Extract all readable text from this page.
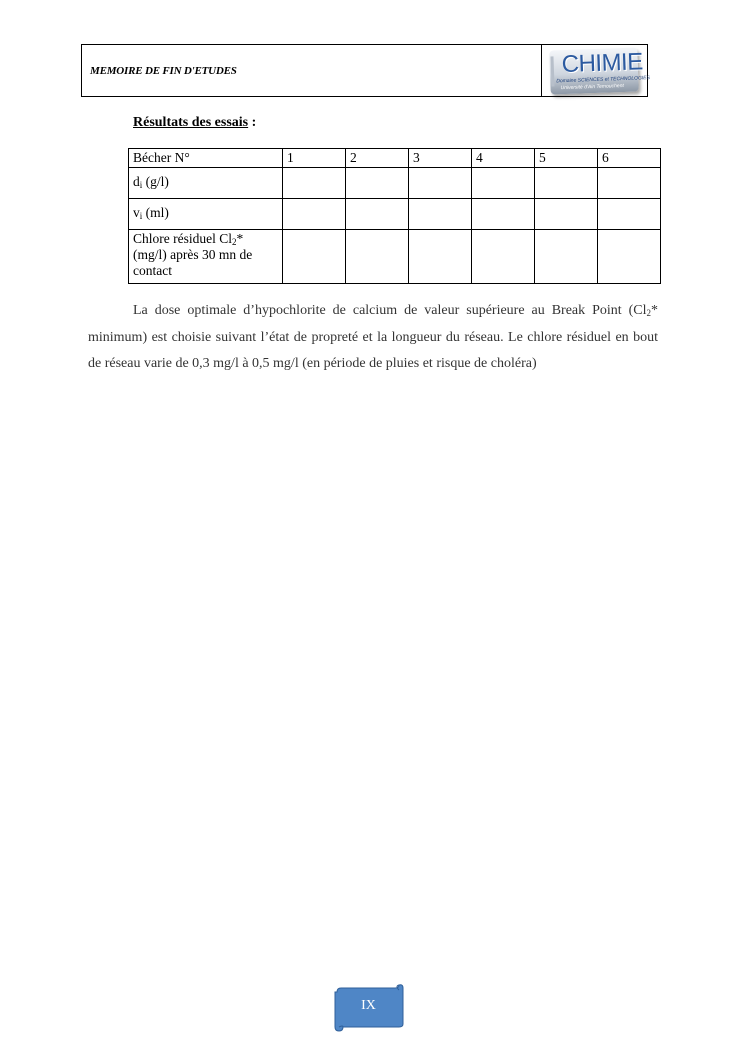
MEMOIRE DE FIN D'ETUDES	CHIMIE
Domaine SCIENCES et TECHNOLOGIES
Université d'Ain Temouchent
Résultats des essais :
Bécher N°	1	2	3	4	5	6
$d_i$ (g/l)						
$v_i$ (ml)						
Chlore résiduel $Cl_2*$ (mg/l) après 30 mn de contact						
La dose optimale d’hypochlorite de calcium de valeur supérieure au Break Point ($Cl_2*$ minimum) est choisie suivant l’état de propreté et la longueur du réseau. Le chlore résiduel en bout de réseau varie de 0,3 mg/l à 0,5 mg/l (en période de pluies et risque de choléra)
IX
